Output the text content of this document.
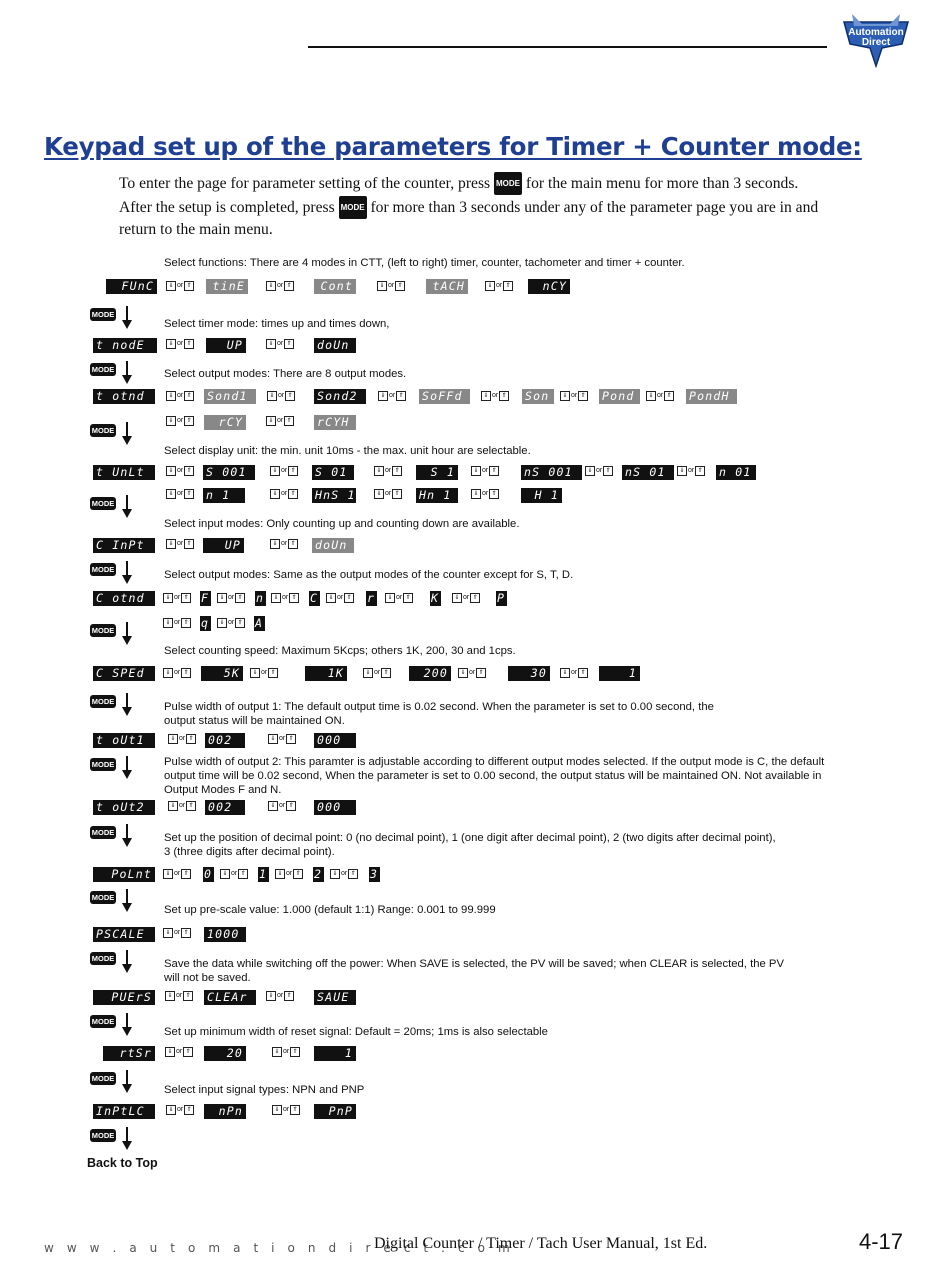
Automation
Direct
Keypad set up of the parameters for Timer + Counter mode:
To enter the page for parameter setting of the counter, press MODE for the main menu for more than 3 seconds.
After the setup is completed, press MODE for more than 3 seconds under any of the parameter page you are in and return to the main menu.
Select functions: There are 4 modes in CTT, (left to right) timer, counter, tachometer and timer + counter.
Select timer mode: times up and times down,
Select output modes: There are 8 output modes.
Select display unit: the min. unit 10ms - the max. unit hour are selectable.
Select input modes: Only counting up and counting down are available.
Select output modes: Same as the output modes of the counter except for S, T, D.
Select counting speed: Maximum 5Kcps; others 1K, 200, 30 and 1cps.
Pulse width of output 1: The default output time is 0.02 second. When the parameter is set to 0.00 second, the output status will be maintained ON.
Pulse width of output 2: This paramter is adjustable according to different output modes selected. If the output mode is C, the default output time will be 0.02 second, When the parameter is set to 0.00 second, the output status will be maintained ON. Not available in Output Modes F and N.
Set up the position of decimal point: 0 (no decimal point), 1 (one digit after decimal point), 2 (two digits after decimal point), 3 (three digits after decimal point).
Set up pre-scale value: 1.000 (default 1:1) Range: 0.001 to 99.999
Save the data while switching off the power: When SAVE is selected, the PV will be saved; when CLEAR is selected, the PV will not be saved.
Set up minimum width of reset signal: Default = 20ms; 1ms is also selectable
Select input signal types: NPN and PNP
FUnC
t nodE
t otnd
t UnLt
C InPt
C otnd
C SPEd
t oUt1
t oUt2
PoLnt
PSCALE
PUErS
rtSr
InPtLC
MODE
MODE
MODE
MODE
MODE
MODE
MODE
MODE
MODE
MODE
MODE
MODE
MODE
MODE
tinE	Cont	tACH	nCY
UP	doUn
Sond1	Sond2	SoFFd	Son	Pond	PondH
rCY	rCYH
S 001	S 01	S 1	nS 001	nS 01	n 01
n 1	HnS 1	Hn 1	H 1
UP	doUn
F	n	C	r	K	P
q	A
5K	1K	200	30	1
002	000
002	000
0	1	2	3
1000
CLEAr	SAUE
20	1
nPn	PnP
⇓ or ⇑	⇓ or ⇑	⇓ or ⇑	⇓ or ⇑
⇓ or ⇑	⇓ or ⇑
⇓ or ⇑	⇓ or ⇑	⇓ or ⇑	⇓ or ⇑	⇓ or ⇑	⇓ or ⇑
⇓ or ⇑	⇓ or ⇑
⇓ or ⇑	⇓ or ⇑	⇓ or ⇑	⇓ or ⇑	⇓ or ⇑	⇓ or ⇑
⇓ or ⇑	⇓ or ⇑	⇓ or ⇑	⇓ or ⇑
⇓ or ⇑	⇓ or ⇑
⇓ or ⇑	⇓ or ⇑	⇓ or ⇑	⇓ or ⇑	⇓ or ⇑	⇓ or ⇑
⇓ or ⇑	⇓ or ⇑
⇓ or ⇑	⇓ or ⇑	⇓ or ⇑	⇓ or ⇑	⇓ or ⇑
⇓ or ⇑	⇓ or ⇑
⇓ or ⇑	⇓ or ⇑
⇓ or ⇑	⇓ or ⇑	⇓ or ⇑	⇓ or ⇑
⇓ or ⇑
⇓ or ⇑	⇓ or ⇑
⇓ or ⇑	⇓ or ⇑
⇓ or ⇑	⇓ or ⇑
Back to Top
w w w . a u t o m a t i o n d i r e c t . c o m
Digital Counter / Timer / Tach User Manual, 1st Ed.	4-17
